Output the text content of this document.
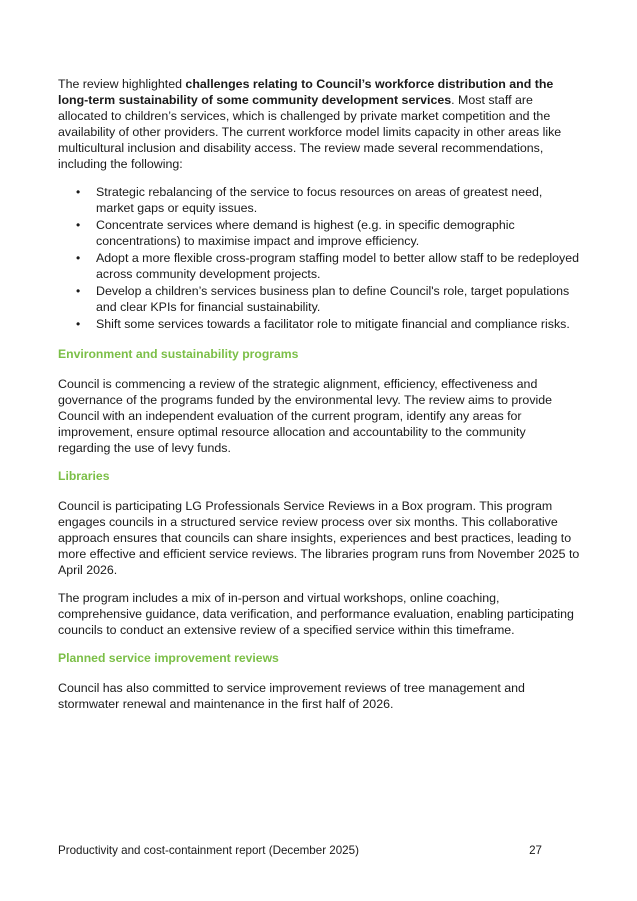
The review highlighted challenges relating to Council’s workforce distribution and the long-term sustainability of some community development services. Most staff are allocated to children’s services, which is challenged by private market competition and the availability of other providers. The current workforce model limits capacity in other areas like multicultural inclusion and disability access. The review made several recommendations, including the following:

• Strategic rebalancing of the service to focus resources on areas of greatest need, market gaps or equity issues.
• Concentrate services where demand is highest (e.g. in specific demographic concentrations) to maximise impact and improve efficiency.
• Adopt a more flexible cross-program staffing model to better allow staff to be redeployed across community development projects.
• Develop a children’s services business plan to define Council's role, target populations and clear KPIs for financial sustainability.
• Shift some services towards a facilitator role to mitigate financial and compliance risks.
Environment and sustainability programs

Council is commencing a review of the strategic alignment, efficiency, effectiveness and governance of the programs funded by the environmental levy. The review aims to provide Council with an independent evaluation of the current program, identify any areas for improvement, ensure optimal resource allocation and accountability to the community regarding the use of levy funds.

Libraries

Council is participating LG Professionals Service Reviews in a Box program. This program engages councils in a structured service review process over six months. This collaborative approach ensures that councils can share insights, experiences and best practices, leading to more effective and efficient service reviews. The libraries program runs from November 2025 to April 2026.

The program includes a mix of in-person and virtual workshops, online coaching, comprehensive guidance, data verification, and performance evaluation, enabling participating councils to conduct an extensive review of a specified service within this timeframe.

Planned service improvement reviews

Council has also committed to service improvement reviews of tree management and stormwater renewal and maintenance in the first half of 2026.

Productivity and cost-containment report (December 2025)	27
